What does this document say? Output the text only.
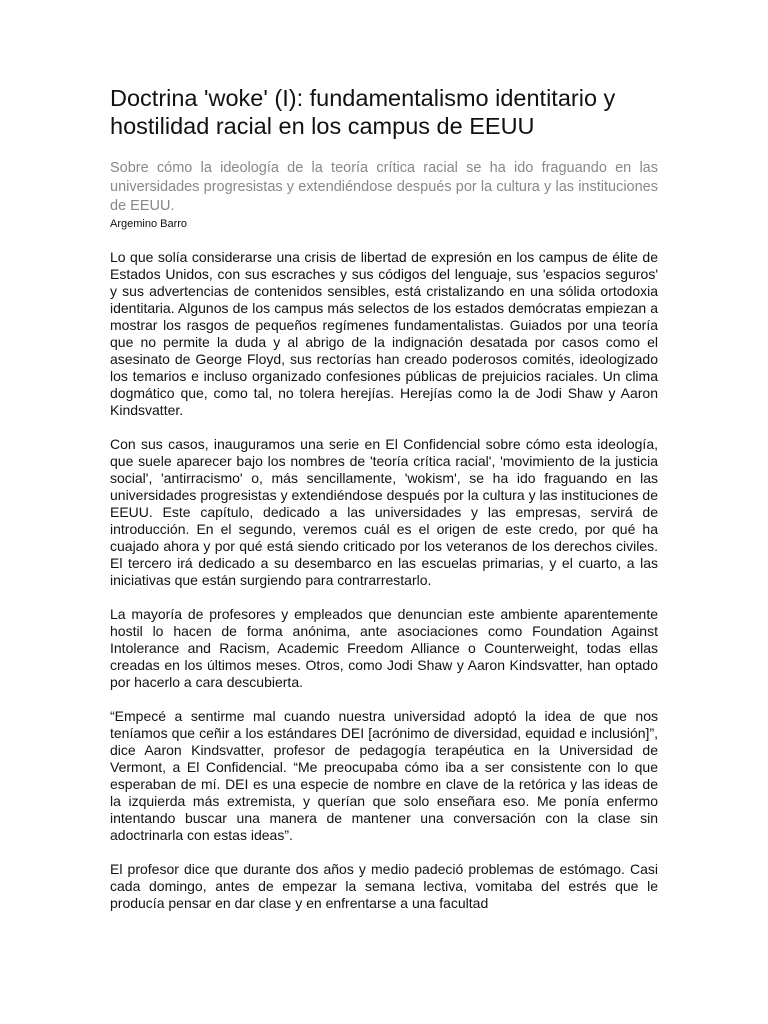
Doctrina 'woke' (I): fundamentalismo identitario y hostilidad racial en los campus de EEUU

Sobre cómo la ideología de la teoría crítica racial se ha ido fraguando en las universidades progresistas y extendiéndose después por la cultura y las instituciones de EEUU.

Argemino Barro

Lo que solía considerarse una crisis de libertad de expresión en los campus de élite de Estados Unidos, con sus escraches y sus códigos del lenguaje, sus 'espacios seguros' y sus advertencias de contenidos sensibles, está cristalizando en una sólida ortodoxia identitaria. Algunos de los campus más selectos de los estados demócratas empiezan a mostrar los rasgos de pequeños regímenes fundamentalistas. Guiados por una teoría que no permite la duda y al abrigo de la indignación desatada por casos como el asesinato de George Floyd, sus rectorías han creado poderosos comités, ideologizado los temarios e incluso organizado confesiones públicas de prejuicios raciales. Un clima dogmático que, como tal, no tolera herejías. Herejías como la de Jodi Shaw y Aaron Kindsvatter.

Con sus casos, inauguramos una serie en El Confidencial sobre cómo esta ideología, que suele aparecer bajo los nombres de 'teoría crítica racial', 'movimiento de la justicia social', 'antirracismo' o, más sencillamente, 'wokism', se ha ido fraguando en las universidades progresistas y extendiéndose después por la cultura y las instituciones de EEUU. Este capítulo, dedicado a las universidades y las empresas, servirá de introducción. En el segundo, veremos cuál es el origen de este credo, por qué ha cuajado ahora y por qué está siendo criticado por los veteranos de los derechos civiles. El tercero irá dedicado a su desembarco en las escuelas primarias, y el cuarto, a las iniciativas que están surgiendo para contrarrestarlo.

La mayoría de profesores y empleados que denuncian este ambiente aparentemente hostil lo hacen de forma anónima, ante asociaciones como Foundation Against Intolerance and Racism, Academic Freedom Alliance o Counterweight, todas ellas creadas en los últimos meses. Otros, como Jodi Shaw y Aaron Kindsvatter, han optado por hacerlo a cara descubierta.

“Empecé a sentirme mal cuando nuestra universidad adoptó la idea de que nos teníamos que ceñir a los estándares DEI [acrónimo de diversidad, equidad e inclusión]”, dice Aaron Kindsvatter, profesor de pedagogía terapéutica en la Universidad de Vermont, a El Confidencial. “Me preocupaba cómo iba a ser consistente con lo que esperaban de mí. DEI es una especie de nombre en clave de la retórica y las ideas de la izquierda más extremista, y querían que solo enseñara eso. Me ponía enfermo intentando buscar una manera de mantener una conversación con la clase sin adoctrinarla con estas ideas”.

El profesor dice que durante dos años y medio padeció problemas de estómago. Casi cada domingo, antes de empezar la semana lectiva, vomitaba del estrés que le producía pensar en dar clase y en enfrentarse a una facultad
